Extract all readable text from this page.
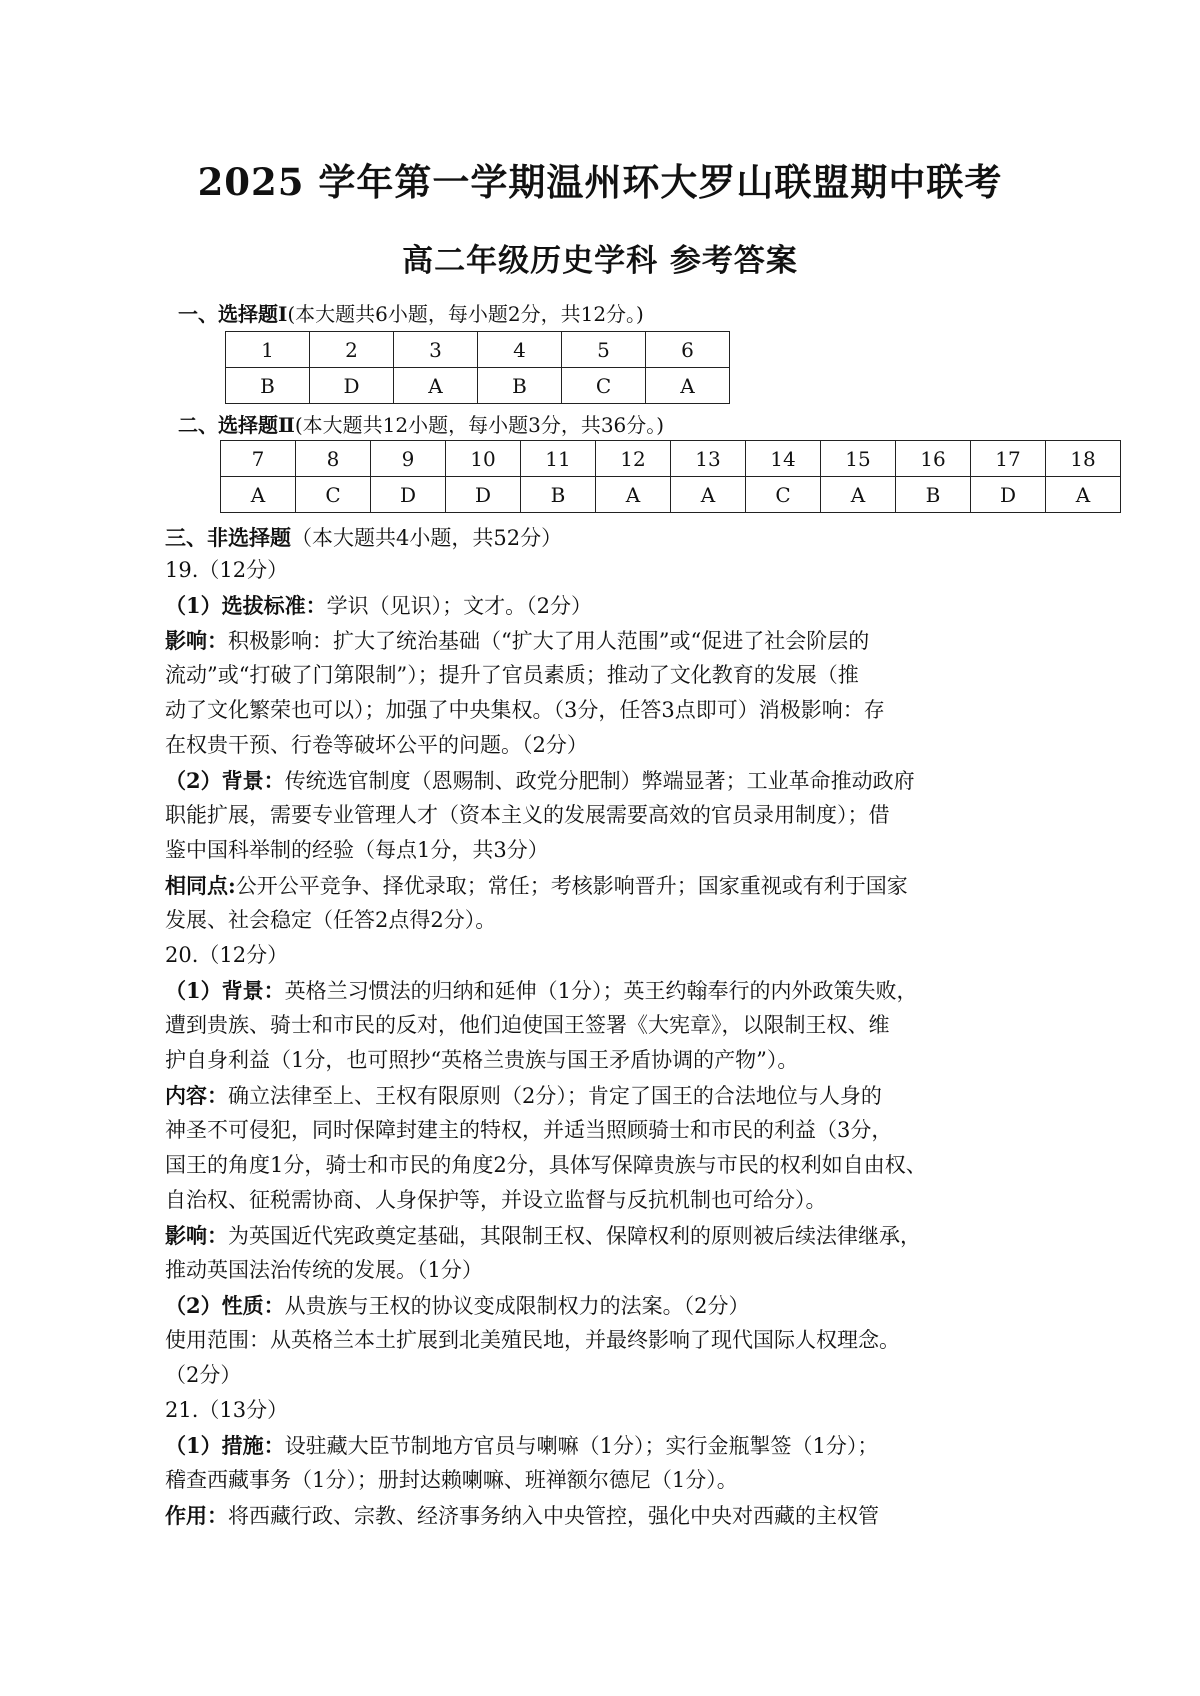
2025 学年第一学期温州环大罗山联盟期中联考
高二年级历史学科 参考答案
一、选择题Ⅰ(本大题共6小题，每小题2分，共12分。)
1	2	3	4	5	6
B	D	A	B	C	A
二、选择题Ⅱ(本大题共12小题，每小题3分，共36分。)
7	8	9	10	11	12	13	14	15	16	17	18
A	C	D	D	B	A	A	C	A	B	D	A
三、非选择题（本大题共4小题，共52分）
19.（12分）
（1）选拔标准：学识（见识）；文才。（2分）
影响：积极影响：扩大了统治基础（“扩大了用人范围”或“促进了社会阶层的
流动”或“打破了门第限制”）；提升了官员素质；推动了文化教育的发展（推
动了文化繁荣也可以）；加强了中央集权。（3分，任答3点即可）消极影响：存
在权贵干预、行卷等破坏公平的问题。（2分）
（2）背景：传统选官制度（恩赐制、政党分肥制）弊端显著；工业革命推动政府
职能扩展，需要专业管理人才（资本主义的发展需要高效的官员录用制度）；借
鉴中国科举制的经验（每点1分，共3分）
相同点:公开公平竞争、择优录取；常任；考核影响晋升；国家重视或有利于国家
发展、社会稳定（任答2点得2分）。
20.（12分）
（1）背景：英格兰习惯法的归纳和延伸（1分）；英王约翰奉行的内外政策失败，
遭到贵族、骑士和市民的反对，他们迫使国王签署《大宪章》，以限制王权、维
护自身利益（1分，也可照抄“英格兰贵族与国王矛盾协调的产物”）。
内容：确立法律至上、王权有限原则（2分）；肯定了国王的合法地位与人身的
神圣不可侵犯，同时保障封建主的特权，并适当照顾骑士和市民的利益（3分，
国王的角度1分，骑士和市民的角度2分，具体写保障贵族与市民的权利如自由权、
自治权、征税需协商、人身保护等，并设立监督与反抗机制也可给分）。
影响：为英国近代宪政奠定基础，其限制王权、保障权利的原则被后续法律继承，
推动英国法治传统的发展。（1分）
（2）性质：从贵族与王权的协议变成限制权力的法案。（2分）
使用范围：从英格兰本土扩展到北美殖民地，并最终影响了现代国际人权理念。
（2分）
21.（13分）
（1）措施：设驻藏大臣节制地方官员与喇嘛（1分）；实行金瓶掣签（1分）；
稽查西藏事务（1分）；册封达赖喇嘛、班禅额尔德尼（1分）。
作用：将西藏行政、宗教、经济事务纳入中央管控，强化中央对西藏的主权管
